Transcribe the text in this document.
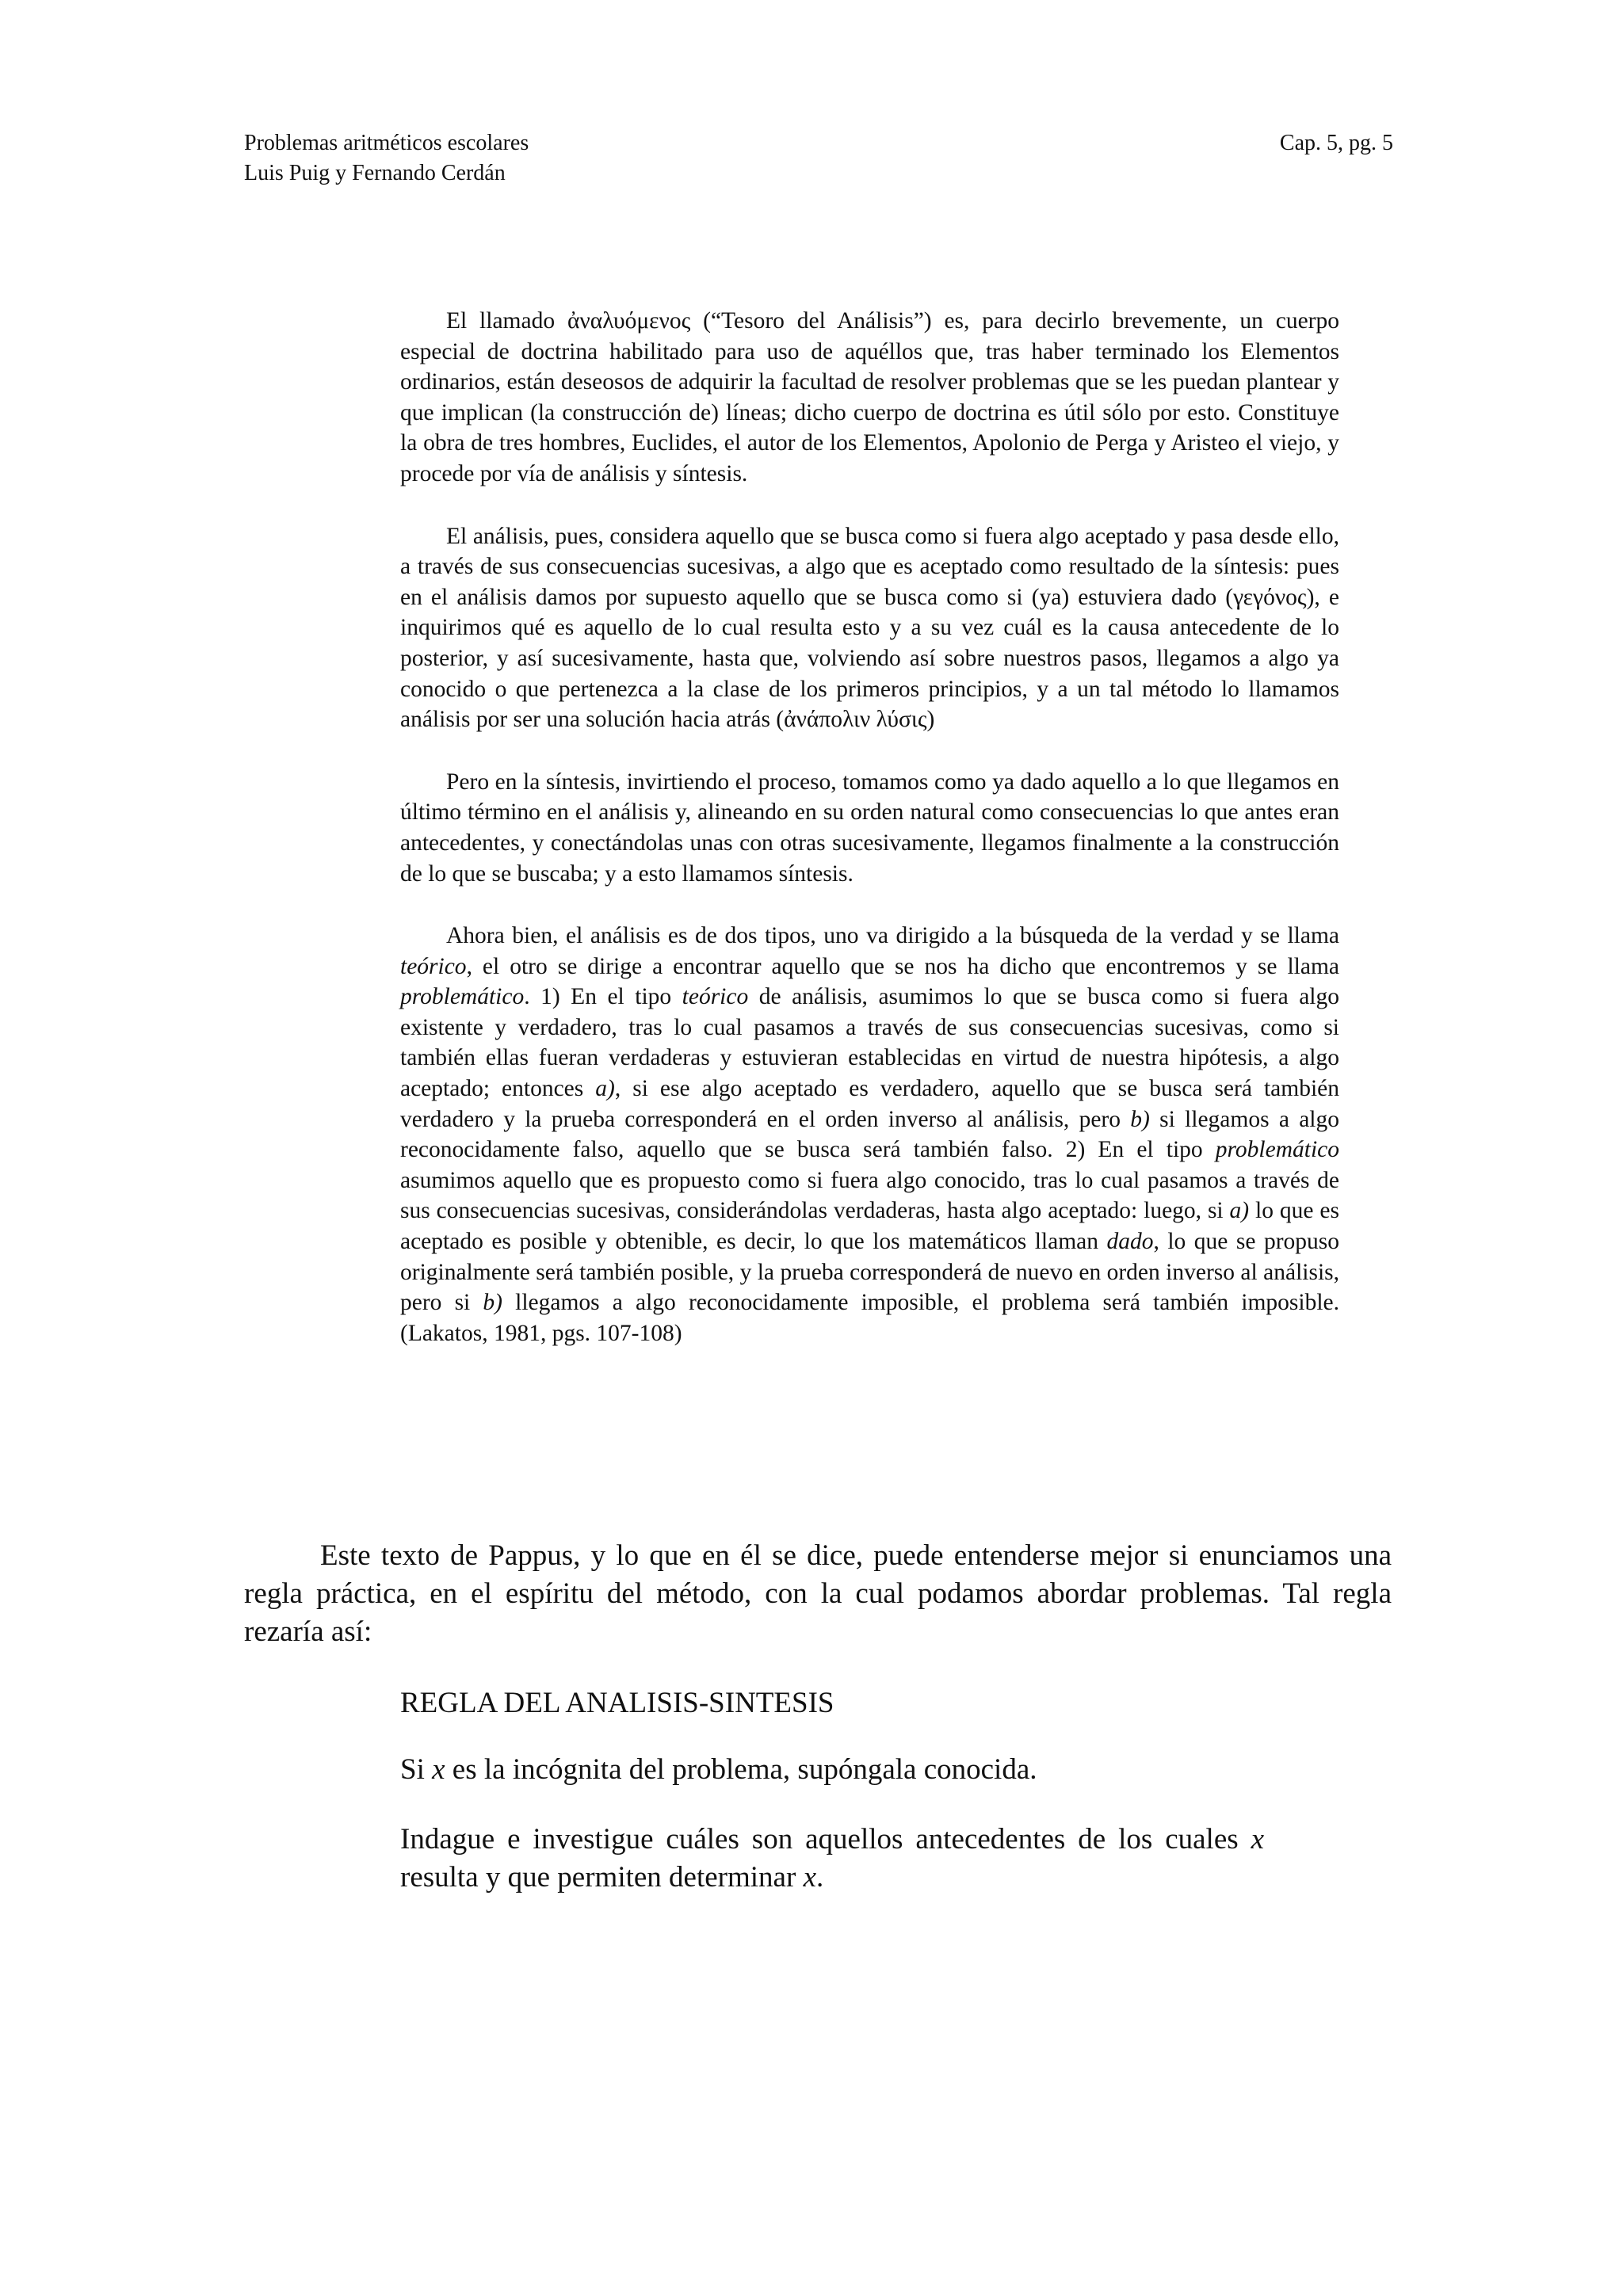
Problemas aritméticos escolares
Luis Puig y Fernando Cerdán
Cap. 5, pg. 5

El llamado ἀναλυόμενος (“Tesoro del Análisis”) es, para decirlo brevemente, un cuerpo especial de doctrina habilitado para uso de aquéllos que, tras haber terminado los Elementos ordinarios, están deseosos de adquirir la facultad de resolver problemas que se les puedan plantear y que implican (la construcción de) líneas; dicho cuerpo de doctrina es útil sólo por esto. Constituye la obra de tres hombres, Euclides, el autor de los Elementos, Apolonio de Perga y Aristeo el viejo, y procede por vía de análisis y síntesis.

El análisis, pues, considera aquello que se busca como si fuera algo aceptado y pasa desde ello, a través de sus consecuencias sucesivas, a algo que es aceptado como resultado de la síntesis: pues en el análisis damos por supuesto aquello que se busca como si (ya) estuviera dado (γεγόνος), e inquirimos qué es aquello de lo cual resulta esto y a su vez cuál es la causa antecedente de lo posterior, y así sucesivamente, hasta que, volviendo así sobre nuestros pasos, llegamos a algo ya conocido o que pertenezca a la clase de los primeros principios, y a un tal método lo llamamos análisis por ser una solución hacia atrás (ἀνάπολιν λύσις)

Pero en la síntesis, invirtiendo el proceso, tomamos como ya dado aquello a lo que llegamos en último término en el análisis y, alineando en su orden natural como consecuencias lo que antes eran antecedentes, y conectándolas unas con otras sucesivamente, llegamos finalmente a la construcción de lo que se buscaba; y a esto llamamos síntesis.

Ahora bien, el análisis es de dos tipos, uno va dirigido a la búsqueda de la verdad y se llama teórico, el otro se dirige a encontrar aquello que se nos ha dicho que encontremos y se llama problemático. 1) En el tipo teórico de análisis, asumimos lo que se busca como si fuera algo existente y verdadero, tras lo cual pasamos a través de sus consecuencias sucesivas, como si también ellas fueran verdaderas y estuvieran establecidas en virtud de nuestra hipótesis, a algo aceptado; entonces a), si ese algo aceptado es verdadero, aquello que se busca será también verdadero y la prueba corresponderá en el orden inverso al análisis, pero b) si llegamos a algo reconocidamente falso, aquello que se busca será también falso. 2) En el tipo problemático asumimos aquello que es propuesto como si fuera algo conocido, tras lo cual pasamos a través de sus consecuencias sucesivas, considerándolas verdaderas, hasta algo aceptado: luego, si a) lo que es aceptado es posible y obtenible, es decir, lo que los matemáticos llaman dado, lo que se propuso originalmente será también posible, y la prueba corresponderá de nuevo en orden inverso al análisis, pero si b) llegamos a algo reconocidamente imposible, el problema será también imposible. (Lakatos, 1981, pgs. 107-108)

Este texto de Pappus, y lo que en él se dice, puede entenderse mejor si enunciamos una regla práctica, en el espíritu del método, con la cual podamos abordar problemas. Tal regla rezaría así:

REGLA DEL ANALISIS-SINTESIS
Si x es la incógnita del problema, supóngala conocida.
Indague e investigue cuáles son aquellos antecedentes de los cuales x resulta y que permiten determinar x.
